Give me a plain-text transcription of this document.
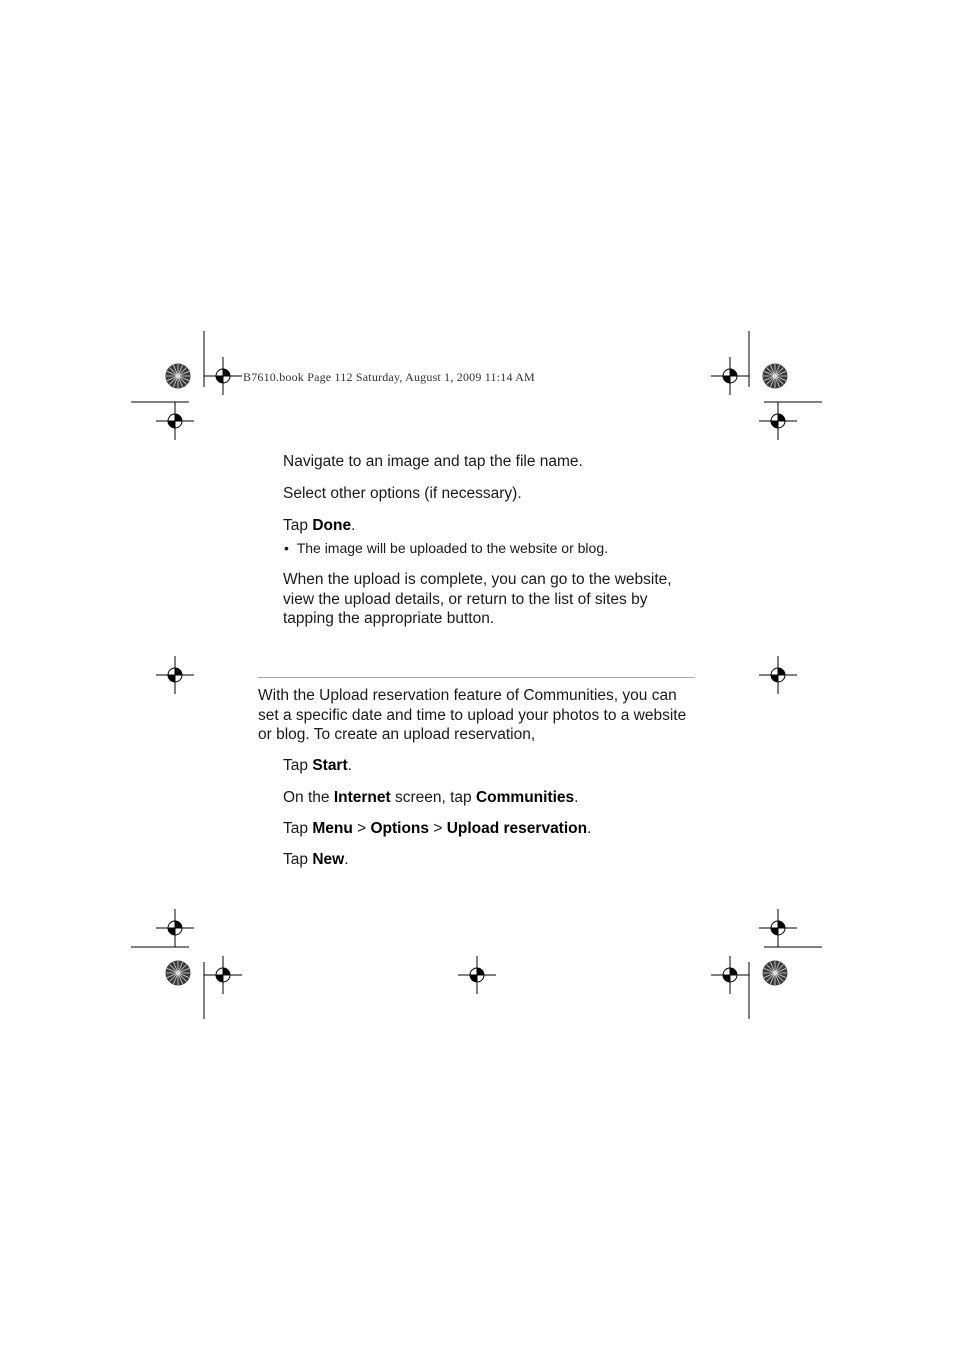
B7610.book Page 112 Saturday, August 1, 2009 11:14 AM
Navigate to an image and tap the file name.
Select other options (if necessary).
Tap Done.
•  The image will be uploaded to the website or blog.
When the upload is complete, you can go to the website,
view the upload details, or return to the list of sites by
tapping the appropriate button.
With the Upload reservation feature of Communities, you can
set a specific date and time to upload your photos to a website
or blog. To create an upload reservation,
Tap Start.
On the Internet screen, tap Communities.
Tap Menu > Options > Upload reservation.
Tap New.
